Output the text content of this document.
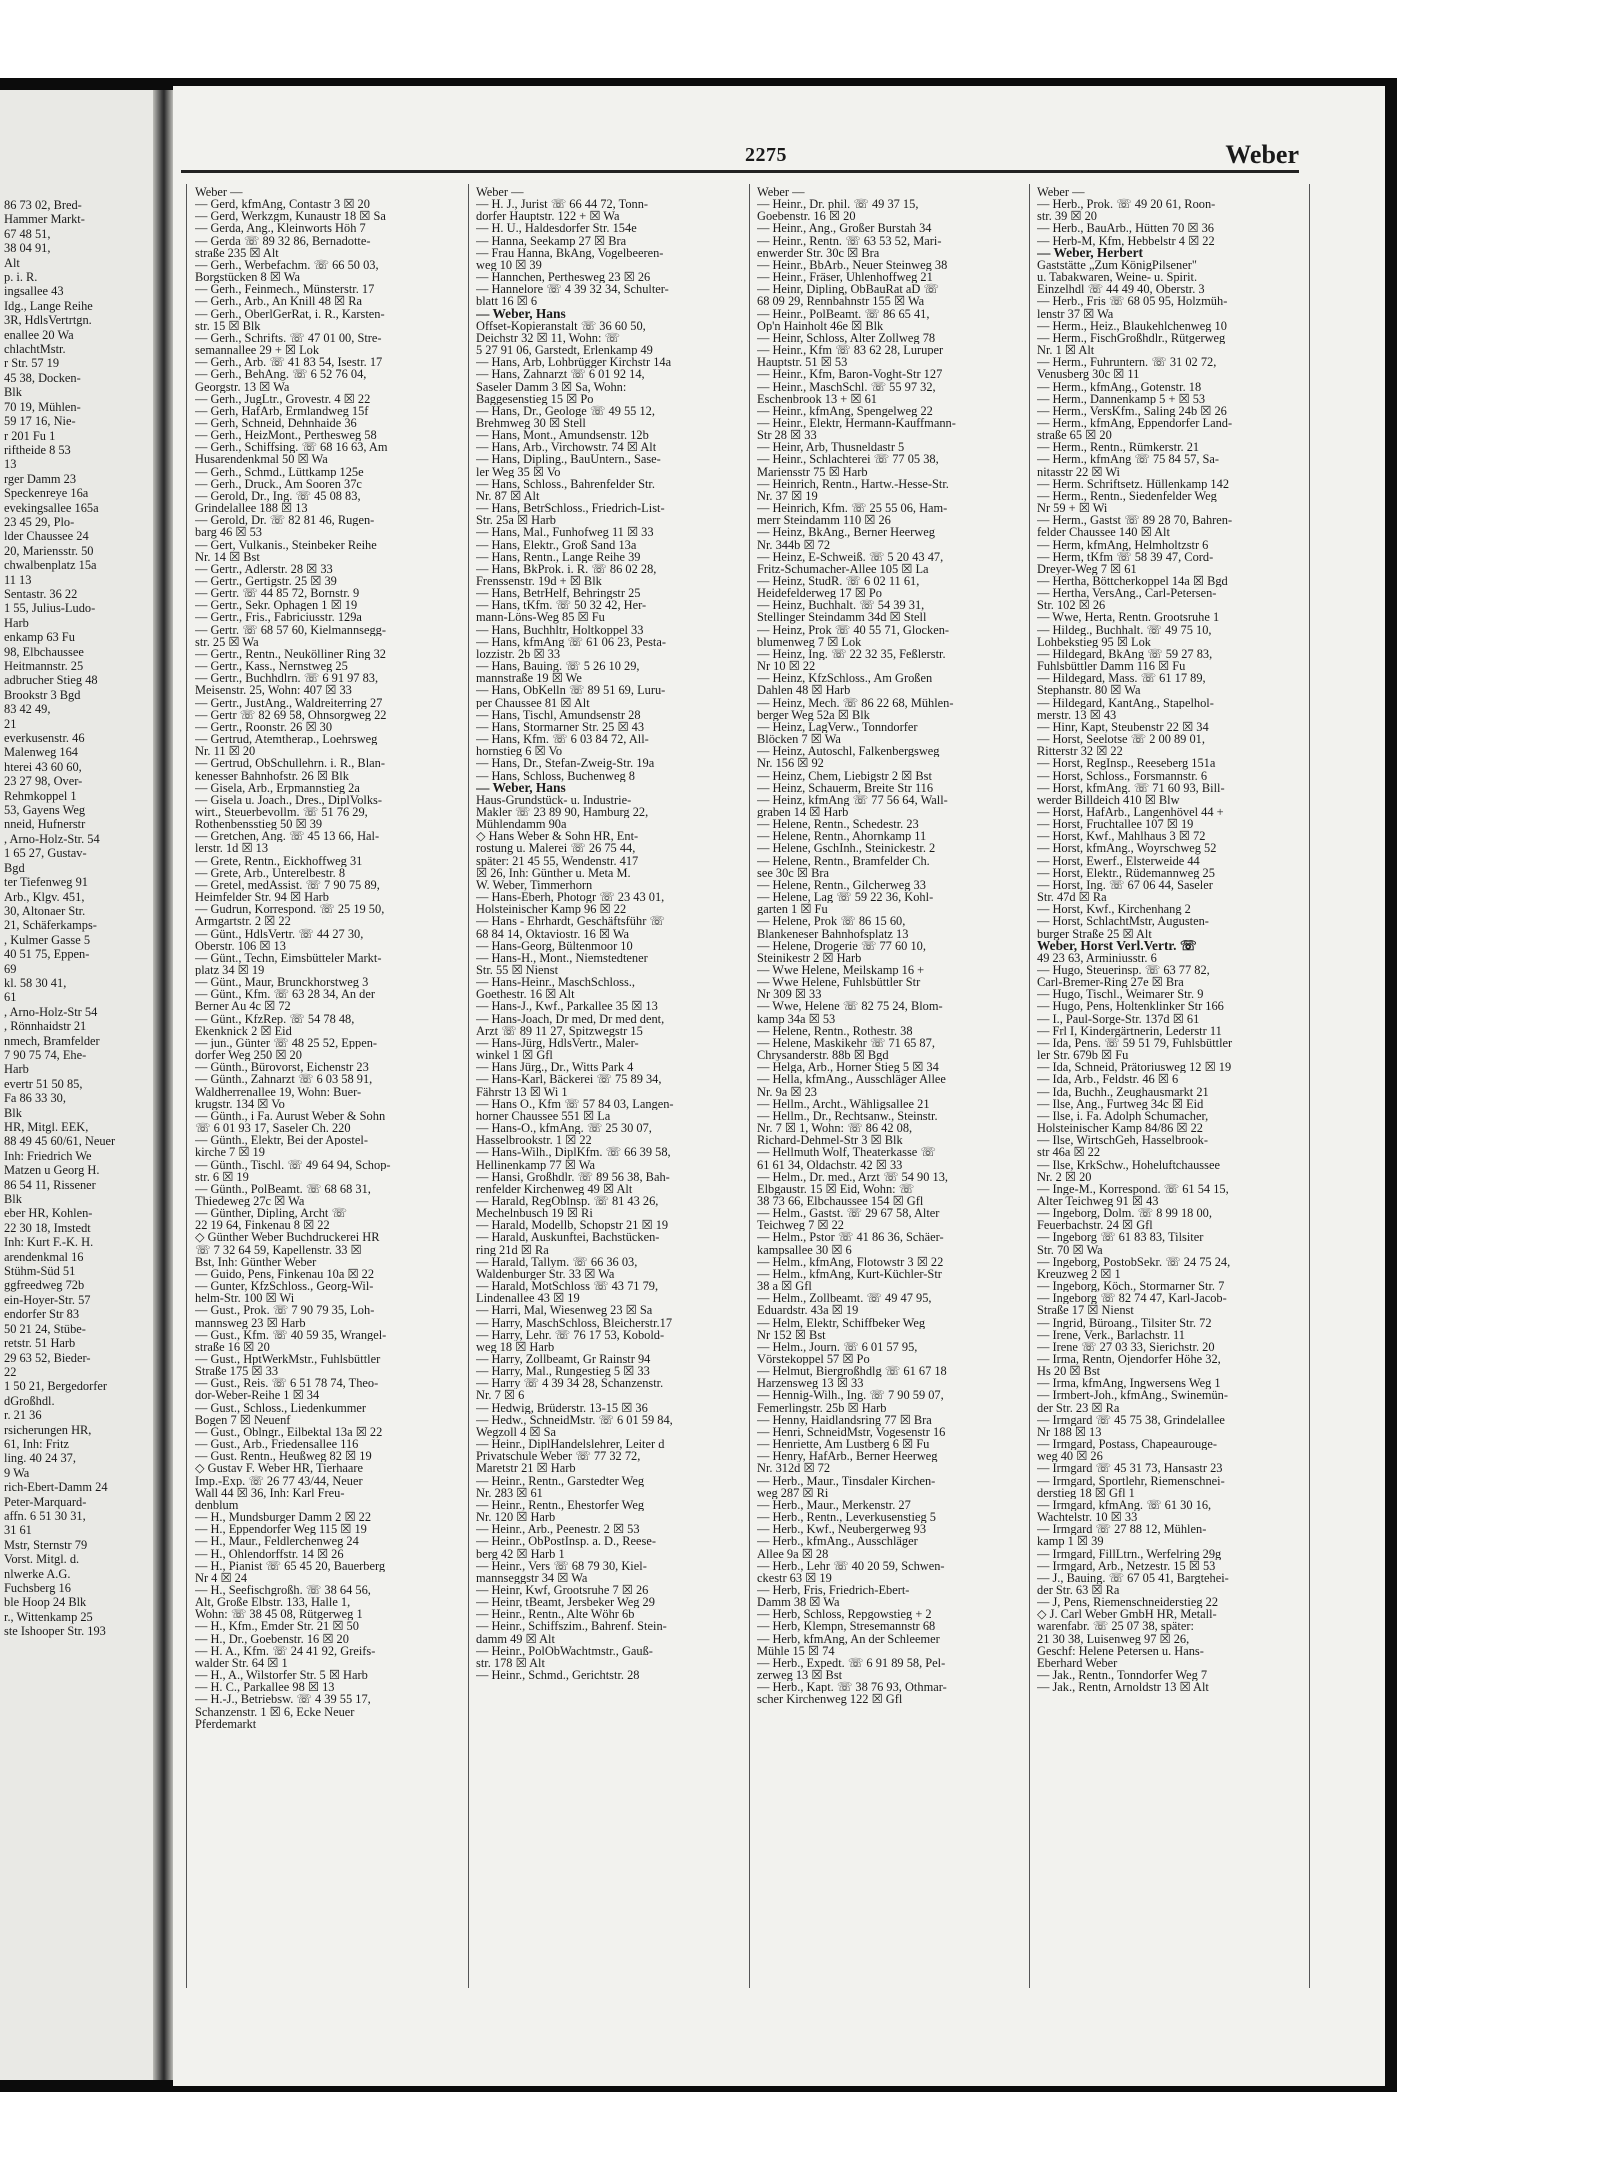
86 73 02, Bred-
Hammer Markt-
67 48 51,
38 04 91,
Alt
p. i. R.
ingsallee 43
Idg., Lange Reihe
3R, HdlsVertrtgn.
enallee 20 Wa
chlachtMstr.
r Str. 57 19
45 38, Docken-
Blk
70 19, Mühlen-
59 17 16, Nie-
r 201 Fu 1
riftheide 8 53
13
rger Damm 23
Speckenreye 16a
evekingsallee 165a
23 45 29, Plo-
lder Chaussee 24
20, Mariensstr. 50
chwalbenplatz 15a
11 13
Sentastr. 36 22
1 55, Julius-Ludo-
Harb
enkamp 63 Fu
98, Elbchaussee
Heitmannstr. 25
adbrucher Stieg 48
Brookstr 3 Bgd
83 42 49,
21
everkusenstr. 46
Malenweg 164
hterei 43 60 60,
23 27 98, Over-
Rehmkoppel 1
53, Gayens Weg
nneid, Hufnerstr
, Arno-Holz-Str. 54
1 65 27, Gustav-
Bgd
ter Tiefenweg 91
Arb., Klgv. 451,
30, Altonaer Str.
21, Schäferkamps-
, Kulmer Gasse 5
40 51 75, Eppen-
69
kl. 58 30 41,
61
, Arno-Holz-Str 54
, Rönnhaidstr 21
nmech, Bramfelder
7 90 75 74, Ehe-
Harb
evertr 51 50 85,
Fa 86 33 30,
Blk
HR, Mitgl. EEK,
88 49 45 60/61, Neuer
Inh: Friedrich We
Matzen u Georg H.
86 54 11, Rissener
Blk
eber HR, Kohlen-
22 30 18, Imstedt
Inh: Kurt F.-K. H.
arendenkmal 16
Stühm-Süd 51
ggfreedweg 72b
ein-Hoyer-Str. 57
endorfer Str 83
50 21 24, Stübe-
retstr. 51 Harb
29 63 52, Bieder-
22
1 50 21, Bergedorfer
dGroßhdl.
r. 21 36
rsicherungen HR,
61, Inh: Fritz
ling. 40 24 37,
9 Wa
rich-Ebert-Damm 24
Peter-Marquard-
affn. 6 51 30 31,
31 61
Mstr, Sternstr 79
Vorst. Mitgl. d.
nlwerke A.G.
Fuchsberg 16
ble Hoop 24 Blk
r., Wittenkamp 25
ste Ishooper Str. 193
2275	Weber
Weber —
— Gerd, kfmAng, Contastr 3 ☒ 20
— Gerd, Werkzgm, Kunaustr 18 ☒ Sa
— Gerda, Ang., Kleinworts Höh 7
— Gerda ☏ 89 32 86, Bernadotte-
straße 235 ☒ Alt
— Gerh., Werbefachm. ☏ 66 50 03,
Borgstücken 8 ☒ Wa
— Gerh., Feinmech., Münsterstr. 17
— Gerh., Arb., An Knill 48 ☒ Ra
— Gerh., OberlGerRat, i. R., Karsten-
str. 15 ☒ Blk
— Gerh., Schrifts. ☏ 47 01 00, Stre-
semannallee 29 + ☒ Lok
— Gerh., Arb. ☏ 41 83 54, Isestr. 17
— Gerh., BehAng. ☏ 6 52 76 04,
Georgstr. 13 ☒ Wa
— Gerh., JugLtr., Grovestr. 4 ☒ 22
— Gerh, HafArb, Ermlandweg 15f
— Gerh, Schneid, Dehnhaide 36
— Gerh., HeizMont., Perthesweg 58
— Gerh., Schiffsing. ☏ 68 16 63, Am
Husarendenkmal 50 ☒ Wa
— Gerh., Schmd., Lüttkamp 125e
— Gerh., Druck., Am Sooren 37c
— Gerold, Dr., Ing. ☏ 45 08 83,
Grindelallee 188 ☒ 13
— Gerold, Dr. ☏ 82 81 46, Rugen-
barg 46 ☒ 53
— Gert, Vulkanis., Steinbeker Reihe
Nr. 14 ☒ Bst
— Gertr., Adlerstr. 28 ☒ 33
— Gertr., Gertigstr. 25 ☒ 39
— Gertr. ☏ 44 85 72, Bornstr. 9
— Gertr., Sekr. Ophagen 1 ☒ 19
— Gertr., Fris., Fabriciusstr. 129a
— Gertr. ☏ 68 57 60, Kielmannsegg-
str. 25 ☒ Wa
— Gertr., Rentn., Neukölliner Ring 32
— Gertr., Kass., Nernstweg 25
— Gertr., Buchhdlrn. ☏ 6 91 97 83,
Meisenstr. 25, Wohn: 407 ☒ 33
— Gertr., JustAng., Waldreiterring 27
— Gertr ☏ 82 69 58, Ohnsorgweg 22
— Gertr., Roonstr. 26 ☒ 30
— Gertrud, Atemtherap., Loehrsweg
Nr. 11 ☒ 20
— Gertrud, ObSchullehrn. i. R., Blan-
kenesser Bahnhofstr. 26 ☒ Blk
— Gisela, Arb., Erpmannstieg 2a
— Gisela u. Joach., Dres., DiplVolks-
wirt., Steuerbevollm. ☏ 51 76 29,
Rothenbensstieg 50 ☒ 39
— Gretchen, Ang. ☏ 45 13 66, Hal-
lerstr. 1d ☒ 13
— Grete, Rentn., Eickhoffweg 31
— Grete, Arb., Unterelbestr. 8
— Gretel, medAssist. ☏ 7 90 75 89,
Heimfelder Str. 94 ☒ Harb
— Gudrun, Korrespond. ☏ 25 19 50,
Armgartstr. 2 ☒ 22
— Günt., HdlsVertr. ☏ 44 27 30,
Oberstr. 106 ☒ 13
— Günt., Techn, Eimsbütteler Markt-
platz 34 ☒ 19
— Günt., Maur, Brunckhorstweg 3
— Günt., Kfm. ☏ 63 28 34, An der
Berner Au 4c ☒ 72
— Günt., KfzRep. ☏ 54 78 48,
Ekenknick 2 ☒ Eid
— jun., Günter ☏ 48 25 52, Eppen-
dorfer Weg 250 ☒ 20
— Günth., Bürovorst, Eichenstr 23
— Günth., Zahnarzt ☏ 6 03 58 91,
Waldherrenallee 19, Wohn: Buer-
krugstr. 134 ☒ Vo
— Günth., i Fa. Aurust Weber & Sohn
☏ 6 01 93 17, Saseler Ch. 220
— Günth., Elektr, Bei der Apostel-
kirche 7 ☒ 19
— Günth., Tischl. ☏ 49 64 94, Schop-
str. 6 ☒ 19
— Günth., PolBeamt. ☏ 68 68 31,
Thiedeweg 27c ☒ Wa
— Günther, Dipling, Archt ☏
22 19 64, Finkenau 8 ☒ 22
◇ Günther Weber Buchdruckerei HR
☏ 7 32 64 59, Kapellenstr. 33 ☒
Bst, Inh: Günther Weber
— Guido, Pens, Finkenau 10a ☒ 22
— Gunter, KfzSchloss., Georg-Wil-
helm-Str. 100 ☒ Wi
— Gust., Prok. ☏ 7 90 79 35, Loh-
mannsweg 23 ☒ Harb
— Gust., Kfm. ☏ 40 59 35, Wrangel-
straße 16 ☒ 20
— Gust., HptWerkMstr., Fuhlsbüttler
Straße 175 ☒ 33
— Gust., Reis. ☏ 6 51 78 74, Theo-
dor-Weber-Reihe 1 ☒ 34
— Gust., Schloss., Liedenkummer
Bogen 7 ☒ Neuenf
— Gust., Oblngr., Eilbektal 13a ☒ 22
— Gust., Arb., Friedensallee 116
— Gust. Rentn., Heußweg 82 ☒ 19
◇ Gustav F. Weber HR, Tierhaare
Imp.-Exp. ☏ 26 77 43/44, Neuer
Wall 44 ☒ 36, Inh: Karl Freu-
denblum
— H., Mundsburger Damm 2 ☒ 22
— H., Eppendorfer Weg 115 ☒ 19
— H., Maur., Feldlerchenweg 24
— H., Ohlendorffstr. 14 ☒ 26
— H., Pianist ☏ 65 45 20, Bauerberg
Nr 4 ☒ 24
— H., Seefischgroßh. ☏ 38 64 56,
Alt, Große Elbstr. 133, Halle 1,
Wohn: ☏ 38 45 08, Rütgerweg 1
— H., Kfm., Emder Str. 21 ☒ 50
— H., Dr., Goebenstr. 16 ☒ 20
— H. A., Kfm. ☏ 24 41 92, Greifs-
walder Str. 64 ☒ 1
— H., A., Wilstorfer Str. 5 ☒ Harb
— H. C., Parkallee 98 ☒ 13
— H.-J., Betriebsw. ☏ 4 39 55 17,
Schanzenstr. 1 ☒ 6, Ecke Neuer
Pferdemarkt
Weber —
— H. J., Jurist ☏ 66 44 72, Tonn-
dorfer Hauptstr. 122 + ☒ Wa
— H. U., Haldesdorfer Str. 154e
— Hanna, Seekamp 27 ☒ Bra
— Frau Hanna, BkAng, Vogelbeeren-
weg 10 ☒ 39
— Hannchen, Perthesweg 23 ☒ 26
— Hannelore ☏ 4 39 32 34, Schulter-
blatt 16 ☒ 6
— Weber, Hans
Offset-Kopieranstalt ☏ 36 60 50,
Deichstr 32 ☒ 11, Wohn: ☏
5 27 91 06, Garstedt, Erlenkamp 49
— Hans, Arb, Lohbrügger Kirchstr 14a
— Hans, Zahnarzt ☏ 6 01 92 14,
Saseler Damm 3 ☒ Sa, Wohn:
Baggesenstieg 15 ☒ Po
— Hans, Dr., Geologe ☏ 49 55 12,
Brehmweg 30 ☒ Stell
— Hans, Mont., Amundsenstr. 12b
— Hans, Arb., Virchowstr. 74 ☒ Alt
— Hans, Dipling., BauUntern., Sase-
ler Weg 35 ☒ Vo
— Hans, Schloss., Bahrenfelder Str.
Nr. 87 ☒ Alt
— Hans, BetrSchloss., Friedrich-List-
Str. 25a ☒ Harb
— Hans, Mal., Funhofweg 11 ☒ 33
— Hans, Elektr., Groß Sand 13a
— Hans, Rentn., Lange Reihe 39
— Hans, BkProk. i. R. ☏ 86 02 28,
Frenssenstr. 19d + ☒ Blk
— Hans, BetrHelf, Behringstr 25
— Hans, tKfm. ☏ 50 32 42, Her-
mann-Löns-Weg 85 ☒ Fu
— Hans, Buchhltr, Holtkoppel 33
— Hans, kfmAng ☏ 61 06 23, Pesta-
lozzistr. 2b ☒ 33
— Hans, Bauing. ☏ 5 26 10 29,
mannstraße 19 ☒ We
— Hans, ObKelln ☏ 89 51 69, Luru-
per Chaussee 81 ☒ Alt
— Hans, Tischl, Amundsenstr 28
— Hans, Stormarner Str. 25 ☒ 43
— Hans, Kfm. ☏ 6 03 84 72, All-
hornstieg 6 ☒ Vo
— Hans, Dr., Stefan-Zweig-Str. 19a
— Hans, Schloss, Buchenweg 8
— Weber, Hans
Haus-Grundstück- u. Industrie-
Makler ☏ 23 89 90, Hamburg 22,
Mühlendamm 90a
◇ Hans Weber & Sohn HR, Ent-
rostung u. Malerei ☏ 26 75 44,
später: 21 45 55, Wendenstr. 417
☒ 26, Inh: Günther u. Meta M.
W. Weber, Timmerhorn
— Hans-Eberh, Photogr ☏ 23 43 01,
Holsteinischer Kamp 96 ☒ 22
— Hans - Ehrhardt, Geschäftsführ ☏
68 84 14, Oktaviostr. 16 ☒ Wa
— Hans-Georg, Bültenmoor 10
— Hans-H., Mont., Niemstedtener
Str. 55 ☒ Nienst
— Hans-Heinr., MaschSchloss.,
Goethestr. 16 ☒ Alt
— Hans-J., Kwf., Parkallee 35 ☒ 13
— Hans-Joach, Dr med, Dr med dent,
Arzt ☏ 89 11 27, Spitzwegstr 15
— Hans-Jürg, HdlsVertr., Maler-
winkel 1 ☒ Gfl
— Hans Jürg., Dr., Witts Park 4
— Hans-Karl, Bäckerei ☏ 75 89 34,
Fährstr 13 ☒ Wi 1
— Hans O., Kfm ☏ 57 84 03, Langen-
horner Chaussee 551 ☒ La
— Hans-O., kfmAng. ☏ 25 30 07,
Hasselbrookstr. 1 ☒ 22
— Hans-Wilh., DiplKfm. ☏ 66 39 58,
Hellinenkamp 77 ☒ Wa
— Hansi, Großhdlr. ☏ 89 56 38, Bah-
renfelder Kirchenweg 49 ☒ Alt
— Harald, RegOblnsp. ☏ 81 43 26,
Mechelnbusch 19 ☒ Ri
— Harald, Modellb, Schopstr 21 ☒ 19
— Harald, Auskunftei, Bachstücken-
ring 21d ☒ Ra
— Harald, Tallym. ☏ 66 36 03,
Waldenburger Str. 33 ☒ Wa
— Harald, MotSchloss ☏ 43 71 79,
Lindenallee 43 ☒ 19
— Harri, Mal, Wiesenweg 23 ☒ Sa
— Harry, MaschSchloss, Bleicherstr.17
— Harry, Lehr. ☏ 76 17 53, Kobold-
weg 18 ☒ Harb
— Harry, Zollbeamt, Gr Rainstr 94
— Harry, Mal., Rungestieg 5 ☒ 33
— Harry ☏ 4 39 34 28, Schanzenstr.
Nr. 7 ☒ 6
— Hedwig, Brüderstr. 13-15 ☒ 36
— Hedw., SchneidMstr. ☏ 6 01 59 84,
Wegzoll 4 ☒ Sa
— Heinr., DiplHandelslehrer, Leiter d
Privatschule Weber ☏ 77 32 72,
Maretstr 21 ☒ Harb
— Heinr., Rentn., Garstedter Weg
Nr. 283 ☒ 61
— Heinr., Rentn., Ehestorfer Weg
Nr. 120 ☒ Harb
— Heinr., Arb., Peenestr. 2 ☒ 53
— Heinr., ObPostInsp. a. D., Reese-
berg 42 ☒ Harb 1
— Heinr., Vers ☏ 68 79 30, Kiel-
mannseggstr 34 ☒ Wa
— Heinr, Kwf, Grootsruhe 7 ☒ 26
— Heinr, tBeamt, Jersbeker Weg 29
— Heinr., Rentn., Alte Wöhr 6b
— Heinr., Schiffszim., Bahrenf. Stein-
damm 49 ☒ Alt
— Heinr., PolObWachtmstr., Gauß-
str. 178 ☒ Alt
— Heinr., Schmd., Gerichtstr. 28
Weber —
— Heinr., Dr. phil. ☏ 49 37 15,
Goebenstr. 16 ☒ 20
— Heinr., Ang., Großer Burstah 34
— Heinr., Rentn. ☏ 63 53 52, Mari-
enwerder Str. 30c ☒ Bra
— Heinr., BbArb., Neuer Steinweg 38
— Heinr., Fräser, Uhlenhoffweg 21
— Heinr, Dipling, ObBauRat aD ☏
68 09 29, Rennbahnstr 155 ☒ Wa
— Heinr., PolBeamt. ☏ 86 65 41,
Op'n Hainholt 46e ☒ Blk
— Heinr, Schloss, Alter Zollweg 78
— Heinr., Kfm ☏ 83 62 28, Luruper
Hauptstr. 51 ☒ 53
— Heinr., Kfm, Baron-Voght-Str 127
— Heinr., MaschSchl. ☏ 55 97 32,
Eschenbrook 13 + ☒ 61
— Heinr., kfmAng, Spengelweg 22
— Heinr., Elektr, Hermann-Kauffmann-
Str 28 ☒ 33
— Heinr, Arb, Thusneldastr 5
— Heinr., Schlachterei ☏ 77 05 38,
Mariensstr 75 ☒ Harb
— Heinrich, Rentn., Hartw.-Hesse-Str.
Nr. 37 ☒ 19
— Heinrich, Kfm. ☏ 25 55 06, Ham-
merr Steindamm 110 ☒ 26
— Heinz, BkAng., Berner Heerweg
Nr. 344b ☒ 72
— Heinz, E-Schweiß. ☏ 5 20 43 47,
Fritz-Schumacher-Allee 105 ☒ La
— Heinz, StudR. ☏ 6 02 11 61,
Heidefelderweg 17 ☒ Po
— Heinz, Buchhalt. ☏ 54 39 31,
Stellinger Steindamm 34d ☒ Stell
— Heinz, Prok ☏ 40 55 71, Glocken-
blumenweg 7 ☒ Lok
— Heinz, Ing. ☏ 22 32 35, Feßlerstr.
Nr 10 ☒ 22
— Heinz, KfzSchloss., Am Großen
Dahlen 48 ☒ Harb
— Heinz, Mech. ☏ 86 22 68, Mühlen-
berger Weg 52a ☒ Blk
— Heinz, LagVerw., Tonndorfer
Blöcken 7 ☒ Wa
— Heinz, Autoschl, Falkenbergsweg
Nr. 156 ☒ 92
— Heinz, Chem, Liebigstr 2 ☒ Bst
— Heinz, Schauerm, Breite Str 116
— Heinz, kfmAng ☏ 77 56 64, Wall-
graben 14 ☒ Harb
— Helene, Rentn., Schedestr. 23
— Helene, Rentn., Ahornkamp 11
— Helene, GschInh., Steinickestr. 2
— Helene, Rentn., Bramfelder Ch.
see 30c ☒ Bra
— Helene, Rentn., Gilcherweg 33
— Helene, Lag ☏ 59 22 36, Kohl-
garten 1 ☒ Fu
— Helene, Prok ☏ 86 15 60,
Blankeneser Bahnhofsplatz 13
— Helene, Drogerie ☏ 77 60 10,
Steinikestr 2 ☒ Harb
— Wwe Helene, Meilskamp 16 +
— Wwe Helene, Fuhlsbüttler Str
Nr 309 ☒ 33
— Wwe, Helene ☏ 82 75 24, Blom-
kamp 34a ☒ 53
— Helene, Rentn., Rothestr. 38
— Helene, Maskikehr ☏ 71 65 87,
Chrysanderstr. 88b ☒ Bgd
— Helga, Arb., Horner Stieg 5 ☒ 34
— Hella, kfmAng., Ausschläger Allee
Nr. 9a ☒ 23
— Hellm., Archt., Wähligsallee 21
— Hellm., Dr., Rechtsanw., Steinstr.
Nr. 7 ☒ 1, Wohn: ☏ 86 42 08,
Richard-Dehmel-Str 3 ☒ Blk
— Hellmuth Wolf, Theaterkasse ☏
61 61 34, Oldachstr. 42 ☒ 33
— Helm., Dr. med., Arzt ☏ 54 90 13,
Elbgaustr. 15 ☒ Eid, Wohn: ☏
38 73 66, Elbchaussee 154 ☒ Gfl
— Helm., Gastst. ☏ 29 67 58, Alter
Teichweg 7 ☒ 22
— Helm., Pstor ☏ 41 86 36, Schäer-
kampsallee 30 ☒ 6
— Helm., kfmAng, Flotowstr 3 ☒ 22
— Helm., kfmAng, Kurt-Küchler-Str
38 a ☒ Gfl
— Helm., Zollbeamt. ☏ 49 47 95,
Eduardstr. 43a ☒ 19
— Helm, Elektr, Schiffbeker Weg
Nr 152 ☒ Bst
— Helm., Journ. ☏ 6 01 57 95,
Vörstekoppel 57 ☒ Po
— Helmut, Biergroßhdlg ☏ 61 67 18
Harzensweg 13 ☒ 33
— Hennig-Wilh., Ing. ☏ 7 90 59 07,
Femerlingstr. 25b ☒ Harb
— Henny, Haidlandsring 77 ☒ Bra
— Henri, SchneidMstr, Vogesenstr 16
— Henriette, Am Lustberg 6 ☒ Fu
— Henry, HafArb., Berner Heerweg
Nr. 312d ☒ 72
— Herb., Maur., Tinsdaler Kirchen-
weg 287 ☒ Ri
— Herb., Maur., Merkenstr. 27
— Herb., Rentn., Leverkusenstieg 5
— Herb., Kwf., Neubergerweg 93
— Herb., kfmAng., Ausschläger
Allee 9a ☒ 28
— Herb., Lehr ☏ 40 20 59, Schwen-
ckestr 63 ☒ 19
— Herb, Fris, Friedrich-Ebert-
Damm 38 ☒ Wa
— Herb, Schloss, Repgowstieg + 2
— Herb, Klempn, Stresemannstr 68
— Herb, kfmAng, An der Schleemer
Mühle 15 ☒ 74
— Herb., Expedt. ☏ 6 91 89 58, Pel-
zerweg 13 ☒ Bst
— Herb., Kapt. ☏ 38 76 93, Othmar-
scher Kirchenweg 122 ☒ Gfl
Weber —
— Herb., Prok. ☏ 49 20 61, Roon-
str. 39 ☒ 20
— Herb., BauArb., Hütten 70 ☒ 36
— Herb-M, Kfm, Hebbelstr 4 ☒ 22
— Weber, Herbert
Gaststätte „Zum KönigPilsener"
u. Tabakwaren, Weine- u. Spirit.
Einzelhdl ☏ 44 49 40, Oberstr. 3
— Herb., Fris ☏ 68 05 95, Holzmüh-
lenstr 37 ☒ Wa
— Herm., Heiz., Blaukehlchenweg 10
— Herm., FischGroßhdlr., Rütgerweg
Nr. 1 ☒ Alt
— Herm., Fuhruntern. ☏ 31 02 72,
Venusberg 30c ☒ 11
— Herm., kfmAng., Gotenstr. 18
— Herm., Dannenkamp 5 + ☒ 53
— Herm., VersKfm., Saling 24b ☒ 26
— Herm., kfmAng, Eppendorfer Land-
straße 65 ☒ 20
— Herm., Rentn., Rümkerstr. 21
— Herm., kfmAng ☏ 75 84 57, Sa-
nitasstr 22 ☒ Wi
— Herm. Schriftsetz. Hüllenkamp 142
— Herm., Rentn., Siedenfelder Weg
Nr 59 + ☒ Wi
— Herm., Gastst ☏ 89 28 70, Bahren-
felder Chaussee 140 ☒ Alt
— Herm, kfmAng, Helmholtzstr 6
— Herm, tKfm ☏ 58 39 47, Cord-
Dreyer-Weg 7 ☒ 61
— Hertha, Böttcherkoppel 14a ☒ Bgd
— Hertha, VersAng., Carl-Petersen-
Str. 102 ☒ 26
— Wwe, Herta, Rentn. Grootsruhe 1
— Hildeg., Buchhalt. ☏ 49 75 10,
Lohbekstieg 95 ☒ Lok
— Hildegard, BkAng ☏ 59 27 83,
Fuhlsbüttler Damm 116 ☒ Fu
— Hildegard, Mass. ☏ 61 17 89,
Stephanstr. 80 ☒ Wa
— Hildegard, KantAng., Stapelhol-
merstr. 13 ☒ 43
— Hinr, Kapt, Steubenstr 22 ☒ 34
— Horst, Seelotse ☏ 2 00 89 01,
Ritterstr 32 ☒ 22
— Horst, RegInsp., Reeseberg 151a
— Horst, Schloss., Forsmannstr. 6
— Horst, kfmAng. ☏ 71 60 93, Bill-
werder Billdeich 410 ☒ Blw
— Horst, HafArb., Langenhövel 44 +
— Horst, Fruchtallee 107 ☒ 19
— Horst, Kwf., Mahlhaus 3 ☒ 72
— Horst, kfmAng., Woyrschweg 52
— Horst, Ewerf., Elsterweide 44
— Horst, Elektr., Rüdemannweg 25
— Horst, Ing. ☏ 67 06 44, Saseler
Str. 47d ☒ Ra
— Horst, Kwf., Kirchenhang 2
— Horst, SchlachtMstr, Augusten-
burger Straße 25 ☒ Alt
Weber, Horst Verl.Vertr. ☏
49 23 63, Arminiusstr. 6
— Hugo, Steuerinsp. ☏ 63 77 82,
Carl-Bremer-Ring 27e ☒ Bra
— Hugo, Tischl., Weimarer Str. 9
— Hugo, Pens, Holtenklinker Str 166
— I., Paul-Sorge-Str. 137d ☒ 61
— Frl I, Kindergärtnerin, Lederstr 11
— Ida, Pens. ☏ 59 51 79, Fuhlsbüttler
ler Str. 679b ☒ Fu
— Ida, Schneid, Prätoriusweg 12 ☒ 19
— Ida, Arb., Feldstr. 46 ☒ 6
— Ida, Buchh., Zeughausmarkt 21
— Ilse, Ang., Furtweg 34c ☒ Eid
— Ilse, i. Fa. Adolph Schumacher,
Holsteinischer Kamp 84/86 ☒ 22
— Ilse, WirtschGeh, Hasselbrook-
str 46a ☒ 22
— Ilse, KrkSchw., Hoheluftchaussee
Nr. 2 ☒ 20
— Inge-M., Korrespond. ☏ 61 54 15,
Alter Teichweg 91 ☒ 43
— Ingeborg, Dolm. ☏ 8 99 18 00,
Feuerbachstr. 24 ☒ Gfl
— Ingeborg ☏ 61 83 83, Tilsiter
Str. 70 ☒ Wa
— Ingeborg, PostobSekr. ☏ 24 75 24,
Kreuzweg 2 ☒ 1
— Ingeborg, Köch., Stormarner Str. 7
— Ingeborg ☏ 82 74 47, Karl-Jacob-
Straße 17 ☒ Nienst
— Ingrid, Büroang., Tilsiter Str. 72
— Irene, Verk., Barlachstr. 11
— Irene ☏ 27 03 33, Sierichstr. 20
— Irma, Rentn, Ojendorfer Höhe 32,
Hs 20 ☒ Bst
— Irma, kfmAng, Ingwersens Weg 1
— Irmbert-Joh., kfmAng., Swinemün-
der Str. 23 ☒ Ra
— Irmgard ☏ 45 75 38, Grindelallee
Nr 188 ☒ 13
— Irmgard, Postass, Chapeaurouge-
weg 40 ☒ 26
— Irmgard ☏ 45 31 73, Hansastr 23
— Irmgard, Sportlehr, Riemenschnei-
derstieg 18 ☒ Gfl 1
— Irmgard, kfmAng. ☏ 61 30 16,
Wachtelstr. 10 ☒ 33
— Irmgard ☏ 27 88 12, Mühlen-
kamp 1 ☒ 39
— Irmgard, FillLtrn., Werfelring 29g
— Irmgard, Arb., Netzestr. 15 ☒ 53
— J., Bauing. ☏ 67 05 41, Bargtehei-
der Str. 63 ☒ Ra
— J, Pens, Riemenschneiderstieg 22
◇ J. Carl Weber GmbH HR, Metall-
warenfabr. ☏ 25 07 38, später:
21 30 38, Luisenweg 97 ☒ 26,
Geschf: Helene Petersen u. Hans-
Eberhard Weber
— Jak., Rentn., Tonndorfer Weg 7
— Jak., Rentn, Arnoldstr 13 ☒ Alt
